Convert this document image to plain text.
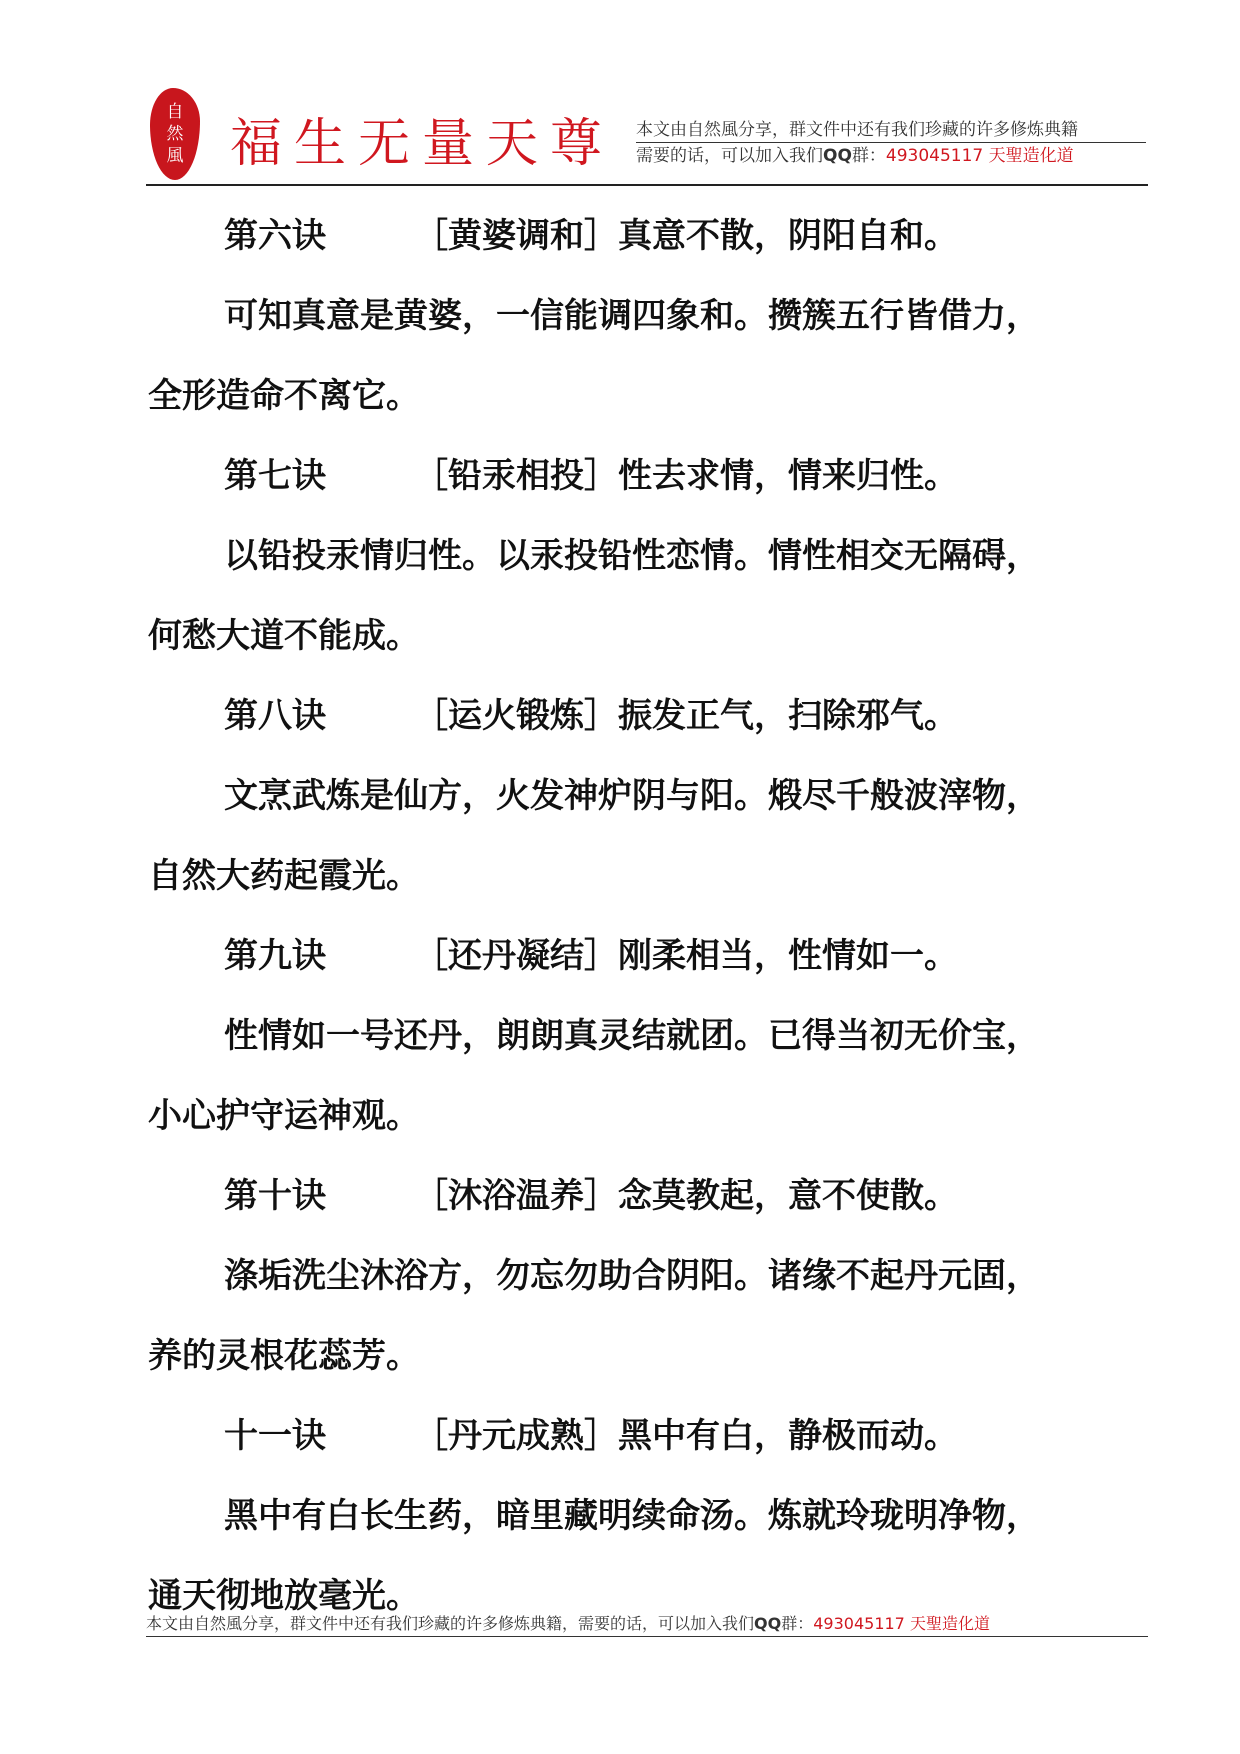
自
然
風 福生无量天尊 本文由自然風分享，群文件中还有我们珍藏的许多修炼典籍
需要的话，可以加入我们QQ群：493045117 天聖造化道
第六诀	［黄婆调和］真意不散，阴阳自和。
可知真意是黄婆，一信能调四象和。攒簇五行皆借力，
全形造命不离它。
第七诀	［铅汞相投］性去求情，情来归性。
以铅投汞情归性。以汞投铅性恋情。情性相交无隔碍，
何愁大道不能成。
第八诀	［运火锻炼］振发正气，扫除邪气。
文烹武炼是仙方，火发神炉阴与阳。煅尽千般波滓物，
自然大药起霞光。
第九诀	［还丹凝结］刚柔相当，性情如一。
性情如一号还丹，朗朗真灵结就团。已得当初无价宝，
小心护守运神观。
第十诀	［沐浴温养］念莫教起，意不使散。
涤垢洗尘沐浴方，勿忘勿助合阴阳。诸缘不起丹元固，
养的灵根花蕊芳。
十一诀	［丹元成熟］黑中有白，静极而动。
黑中有白长生药，暗里藏明续命汤。炼就玲珑明净物，
通天彻地放毫光。
本文由自然風分享，群文件中还有我们珍藏的许多修炼典籍，需要的话，可以加入我们QQ群：493045117 天聖造化道
